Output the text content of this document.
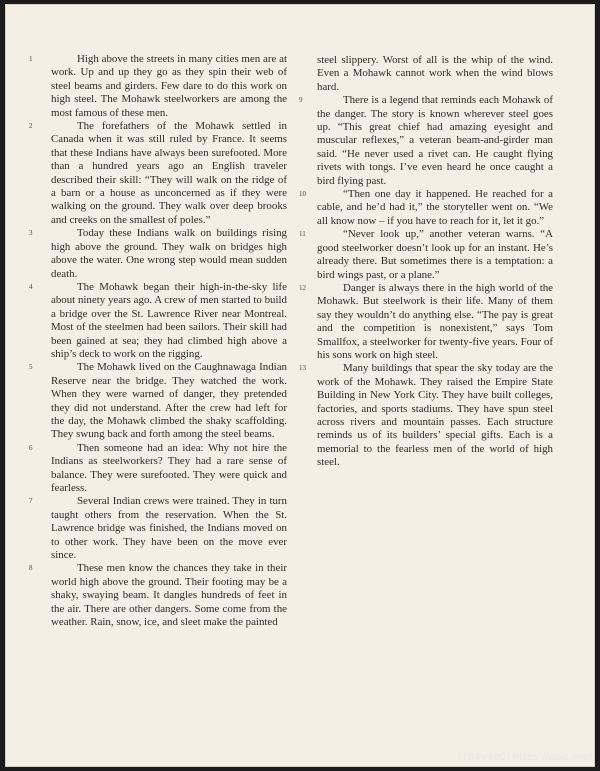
1	High above the streets in many cities men are at work. Up and up they go as they spin their web of steel beams and girders. Few dare to do this work on high steel. The Mohawk steelworkers are among the most famous of these men.

2	The forefathers of the Mohawk settled in Canada when it was still ruled by France. It seems that these Indians have always been surefooted. More than a hundred years ago an English traveler described their skill: “They will walk on the ridge of a barn or a house as unconcerned as if they were walking on the ground. They walk over deep brooks and creeks on the smallest of poles.”

3	Today these Indians walk on buildings rising high above the ground. They walk on bridges high above the water. One wrong step would mean sudden death.

4	The Mohawk began their high-in-the-sky life about ninety years ago. A crew of men started to build a bridge over the St. Lawrence River near Montreal. Most of the steelmen had been sailors. Their skill had been gained at sea; they had climbed high above a ship’s deck to work on the rigging.

5	The Mohawk lived on the Caughnawaga Indian Reserve near the bridge. They watched the work. When they were warned of danger, they pretended they did not understand. After the crew had left for the day, the Mohawk climbed the shaky scaffolding. They swung back and forth among the steel beams.

6	Then someone had an idea: Why not hire the Indians as steelworkers? They had a rare sense of balance. They were surefooted. They were quick and fearless.

7	Several Indian crews were trained. They in turn taught others from the reservation. When the St. Lawrence bridge was finished, the Indians moved on to other work. They have been on the move ever since.

8	These men know the chances they take in their world high above the ground. Their footing may be a shaky, swaying beam. It dangles hundreds of feet in the air. There are other dangers. Some come from the weather. Rain, snow, ice, and sleet make the painted

steel slippery. Worst of all is the whip of the wind. Even a Mohawk cannot work when the wind blows hard.

9	There is a legend that reminds each Mohawk of the danger. The story is known wherever steel goes up. “This great chief had amazing eyesight and muscular reflexes,” a veteran beam-and-girder man said. “He never used a rivet can. He caught flying rivets with tongs. I’ve even heard he once caught a bird flying past.

10	“Then one day it happened. He reached for a cable, and he’d had it,” the storyteller went on. “We all know now – if you have to reach for it, let it go.”

11	“Never look up,” another veteran warns. “A good steelworker doesn’t look up for an instant. He’s already there. But sometimes there is a temptation: a bird wings past, or a plane.”

12	Danger is always there in the high world of the Mohawk. But steelwork is their life. Many of them say they wouldn’t do anything else. “The pay is great and the competition is nonexistent,” says Tom Smallfox, a steelworker for twenty-five years. Four of his sons work on high steel.

13	Many buildings that spear the sky today are the work of the Mohawk. They raised the Empire State Building in New York City. They have built colleges, factories, and sports stadiums. They have spun steel across rivers and mountain passes. Each structure reminds us of its builders’ special gifts. Each is a memorial to the fearless men of the world of high steel.

[764x960] https://upic.me/
